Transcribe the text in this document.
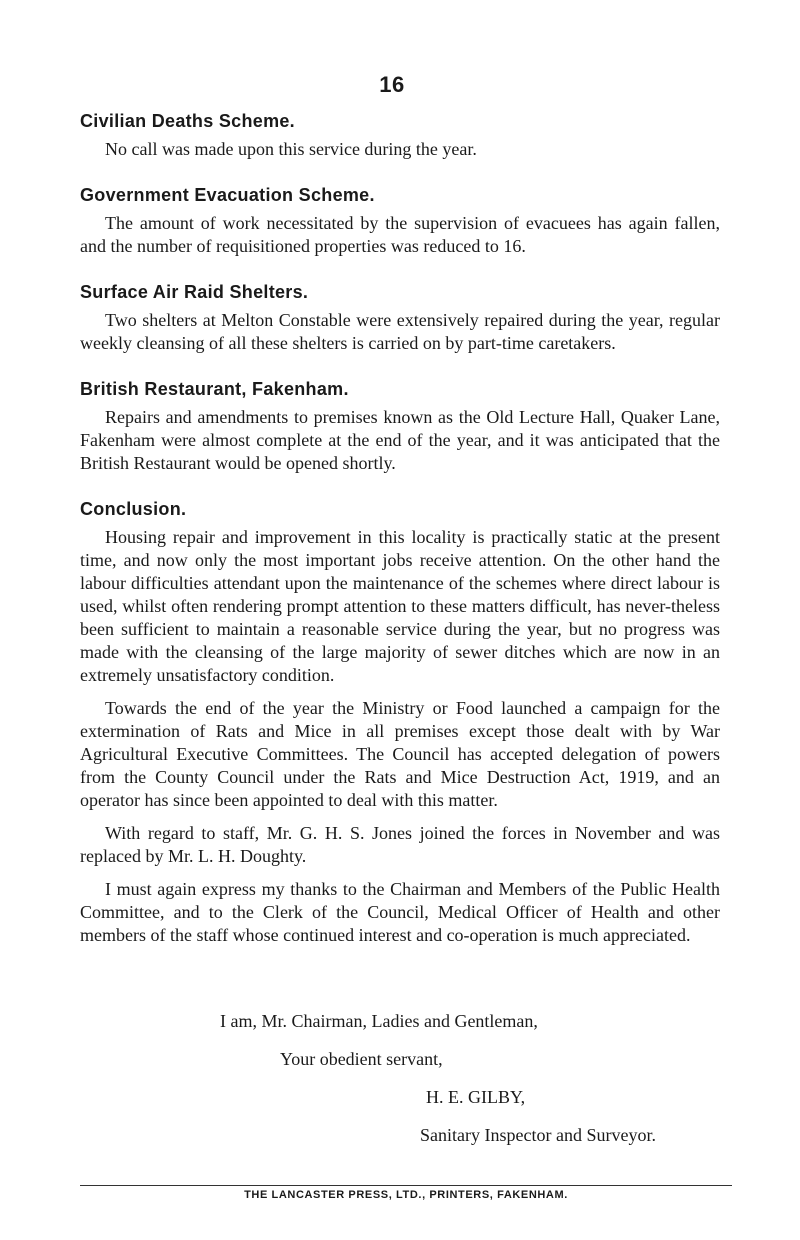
16
Civilian Deaths Scheme.

No call was made upon this service during the year.

Government Evacuation Scheme.

The amount of work necessitated by the supervision of evacuees has again fallen, and the number of requisitioned properties was reduced to 16.

Surface Air Raid Shelters.

Two shelters at Melton Constable were extensively repaired during the year, regular weekly cleansing of all these shelters is carried on by part-time caretakers.

British Restaurant, Fakenham.

Repairs and amendments to premises known as the Old Lecture Hall, Quaker Lane, Fakenham were almost complete at the end of the year, and it was anticipated that the British Restaurant would be opened shortly.

Conclusion.

Housing repair and improvement in this locality is practically static at the present time, and now only the most important jobs receive attention. On the other hand the labour difficulties attendant upon the maintenance of the schemes where direct labour is used, whilst often rendering prompt attention to these matters difficult, has never-theless been sufficient to maintain a reasonable service during the year, but no progress was made with the cleansing of the large majority of sewer ditches which are now in an extremely unsatisfactory condition.

Towards the end of the year the Ministry or Food launched a campaign for the extermination of Rats and Mice in all premises except those dealt with by War Agricultural Executive Committees. The Council has accepted delegation of powers from the County Council under the Rats and Mice Destruction Act, 1919, and an operator has since been appointed to deal with this matter.

With regard to staff, Mr. G. H. S. Jones joined the forces in November and was replaced by Mr. L. H. Doughty.

I must again express my thanks to the Chairman and Members of the Public Health Committee, and to the Clerk of the Council, Medical Officer of Health and other members of the staff whose continued interest and co-operation is much appreciated.

I am, Mr. Chairman, Ladies and Gentleman,
Your obedient servant,
H. E. GILBY,
Sanitary Inspector and Surveyor.
THE LANCASTER PRESS, LTD., PRINTERS, FAKENHAM.
